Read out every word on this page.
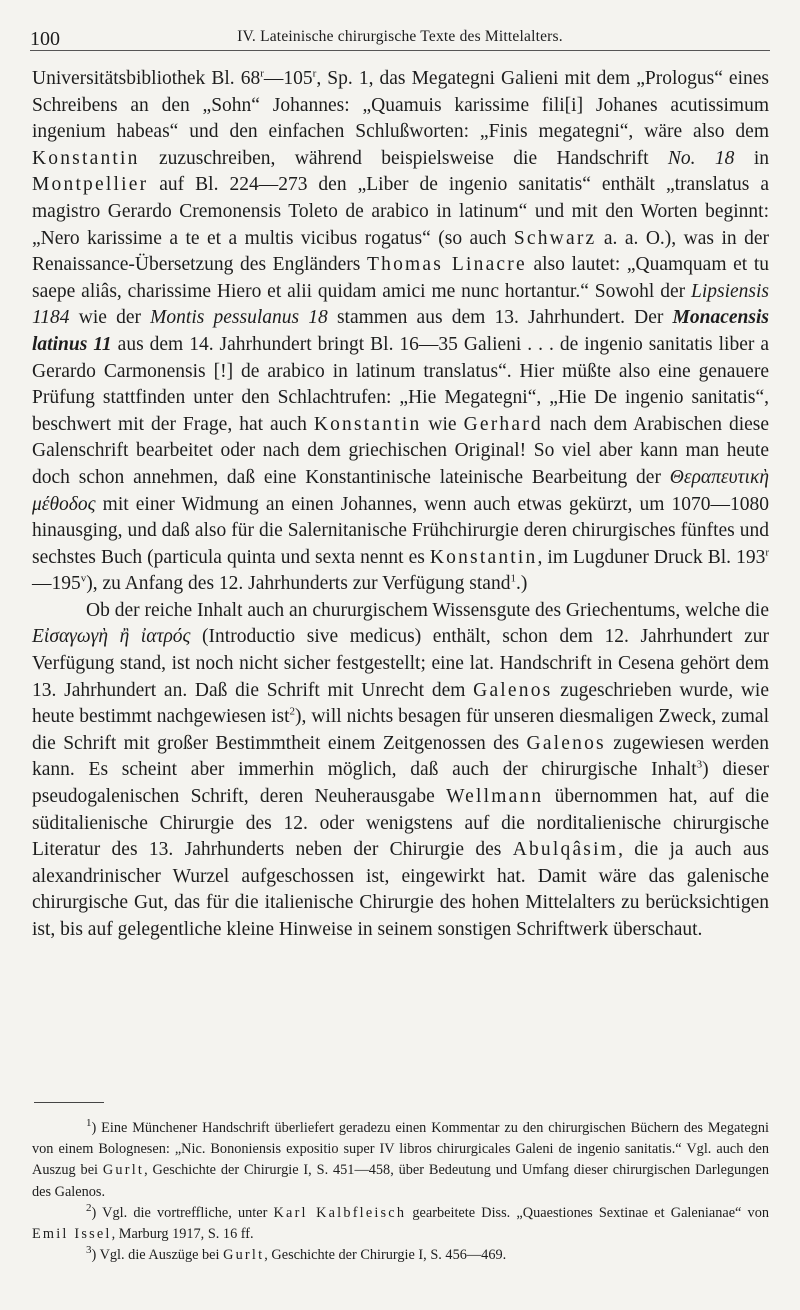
100	IV. Lateinische chirurgische Texte des Mittelalters.

Universitätsbibliothek Bl. 68$^r$—105$^r$, Sp. 1, das Megategni Galieni mit dem „Prologus“ eines Schreibens an den „Sohn“ Johannes: „Quamuis karissime fili[i] Johanes acutissimum ingenium habeas“ und den einfachen Schlußworten: „Finis megategni“, wäre also dem Konstantin zuzuschreiben, während beispielsweise die Handschrift No. 18 in Montpellier auf Bl. 224—273 den „Liber de ingenio sanitatis“ enthält „translatus a magistro Gerardo Cremonensis Toleto de arabico in latinum“ und mit den Worten beginnt: „Nero karissime a te et a multis vicibus rogatus“ (so auch Schwarz a. a. O.), was in der Renaissance-Übersetzung des Engländers Thomas Linacre also lautet: „Quamquam et tu saepe aliâs, charissime Hiero et alii quidam amici me nunc hortantur.“ Sowohl der Lipsiensis 1184 wie der Montis pessulanus 18 stammen aus dem 13. Jahrhundert. Der Monacensis latinus 11 aus dem 14. Jahrhundert bringt Bl. 16—35 Galieni . . . de ingenio sanitatis liber a Gerardo Carmonensis [!] de arabico in latinum translatus“. Hier müßte also eine genauere Prüfung stattfinden unter den Schlachtrufen: „Hie Megategni“, „Hie De ingenio sanitatis“, beschwert mit der Frage, hat auch Konstantin wie Gerhard nach dem Arabischen diese Galenschrift bearbeitet oder nach dem griechischen Original! So viel aber kann man heute doch schon annehmen, daß eine Konstantinische lateinische Bearbeitung der Θεραπευτικὴ μέθοδος mit einer Widmung an einen Johannes, wenn auch etwas gekürzt, um 1070—1080 hinausging, und daß also für die Salernitanische Frühchirurgie deren chirurgisches fünftes und sechstes Buch (particula quinta und sexta nennt es Konstantin, im Lugduner Druck Bl. 193$^r$—195$^v$), zu Anfang des 12. Jahrhunderts zur Verfügung stand$^1$.)

Ob der reiche Inhalt auch an chururgischem Wissensgute des Griechentums, welche die Εἰσαγωγὴ ἢ ἰατρός (Introductio sive medicus) enthält, schon dem 12. Jahrhundert zur Verfügung stand, ist noch nicht sicher festgestellt; eine lat. Handschrift in Cesena gehört dem 13. Jahrhundert an. Daß die Schrift mit Unrecht dem Galenos zugeschrieben wurde, wie heute bestimmt nachgewiesen ist$^2$), will nichts besagen für unseren diesmaligen Zweck, zumal die Schrift mit großer Bestimmtheit einem Zeitgenossen des Galenos zugewiesen werden kann. Es scheint aber immerhin möglich, daß auch der chirurgische Inhalt$^3$) dieser pseudogalenischen Schrift, deren Neuherausgabe Wellmann übernommen hat, auf die süditalienische Chirurgie des 12. oder wenigstens auf die norditalienische chirurgische Literatur des 13. Jahrhunderts neben der Chirurgie des Abulqâsim, die ja auch aus alexandrinischer Wurzel aufgeschossen ist, eingewirkt hat. Damit wäre das galenische chirurgische Gut, das für die italienische Chirurgie des hohen Mittelalters zu berücksichtigen ist, bis auf gelegentliche kleine Hinweise in seinem sonstigen Schriftwerk überschaut.

$^1$) Eine Münchener Handschrift überliefert geradezu einen Kommentar zu den chirurgischen Büchern des Megategni von einem Bolognesen: „Nic. Bononiensis expositio super IV libros chirurgicales Galeni de ingenio sanitatis.“ Vgl. auch den Auszug bei Gurlt, Geschichte der Chirurgie I, S. 451—458, über Bedeutung und Umfang dieser chirurgischen Darlegungen des Galenos.

$^2$) Vgl. die vortreffliche, unter Karl Kalbfleisch gearbeitete Diss. „Quaestiones Sextinae et Galenianae“ von Emil Issel, Marburg 1917, S. 16 ff.

$^3$) Vgl. die Auszüge bei Gurlt, Geschichte der Chirurgie I, S. 456—469.
